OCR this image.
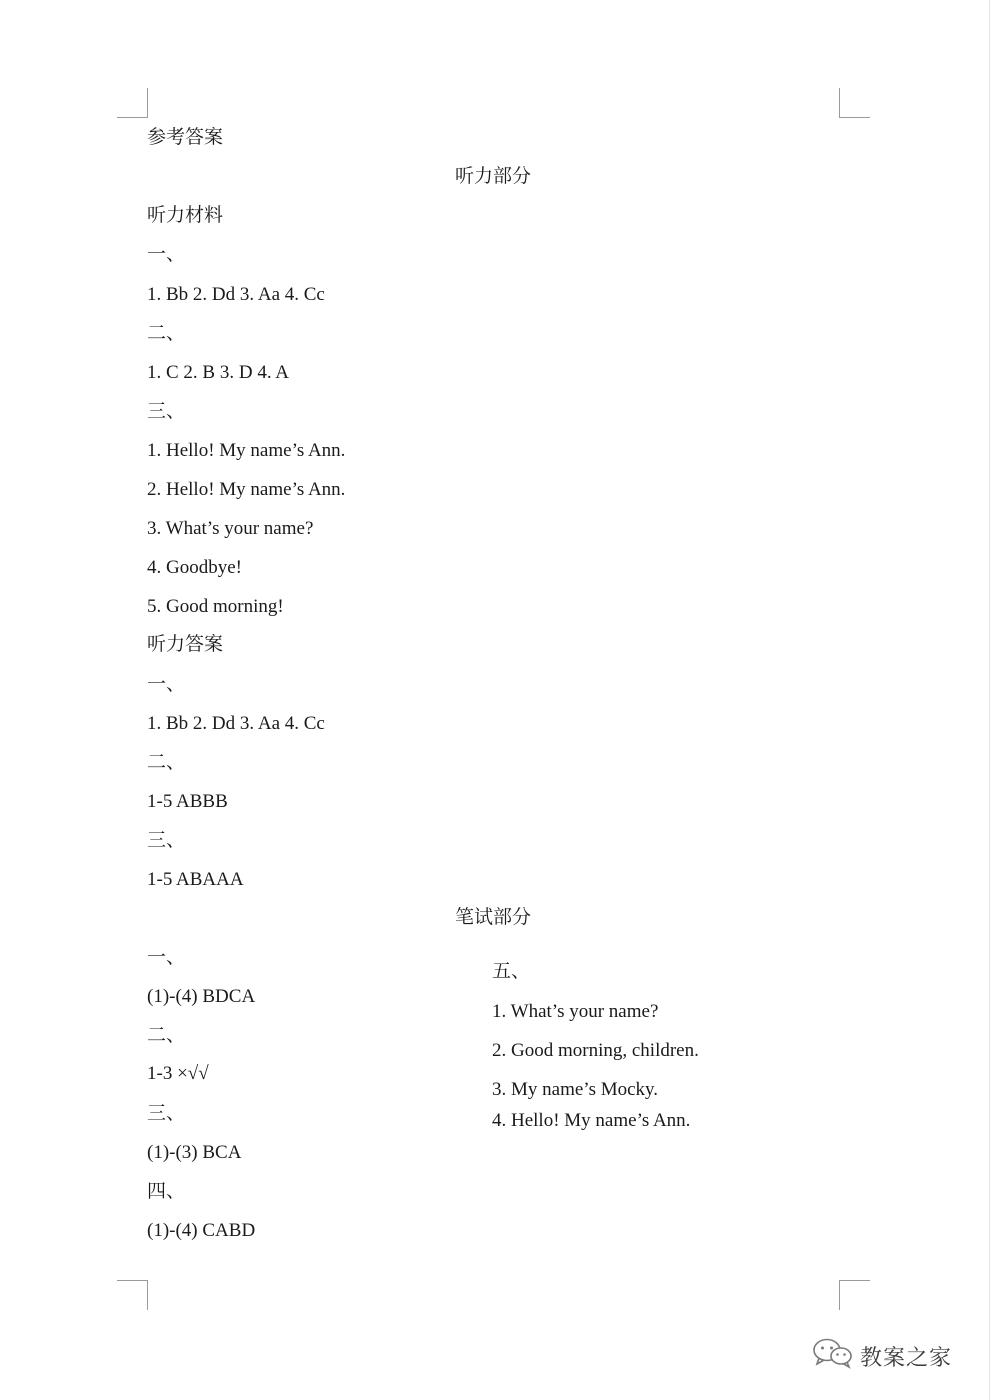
参考答案
听力部分
听力材料
一、
1. Bb 2. Dd 3. Aa 4. Cc
二、
1. C 2. B 3. D 4. A
三、
1. Hello! My name’s Ann.
2. Hello! My name’s Ann.
3. What’s your name?
4. Goodbye!
5. Good morning!
听力答案
一、
1. Bb 2. Dd 3. Aa 4. Cc
二、
1-5 ABBB
三、
1-5 ABAAA
笔试部分
一、
(1)-(4) BDCA
二、
1-3 ×√√
三、
(1)-(3) BCA
四、
(1)-(4) CABD
五、
1. What’s your name?
2. Good morning, children.
3. My name’s Mocky.
4. Hello! My name’s Ann.
教案之家
